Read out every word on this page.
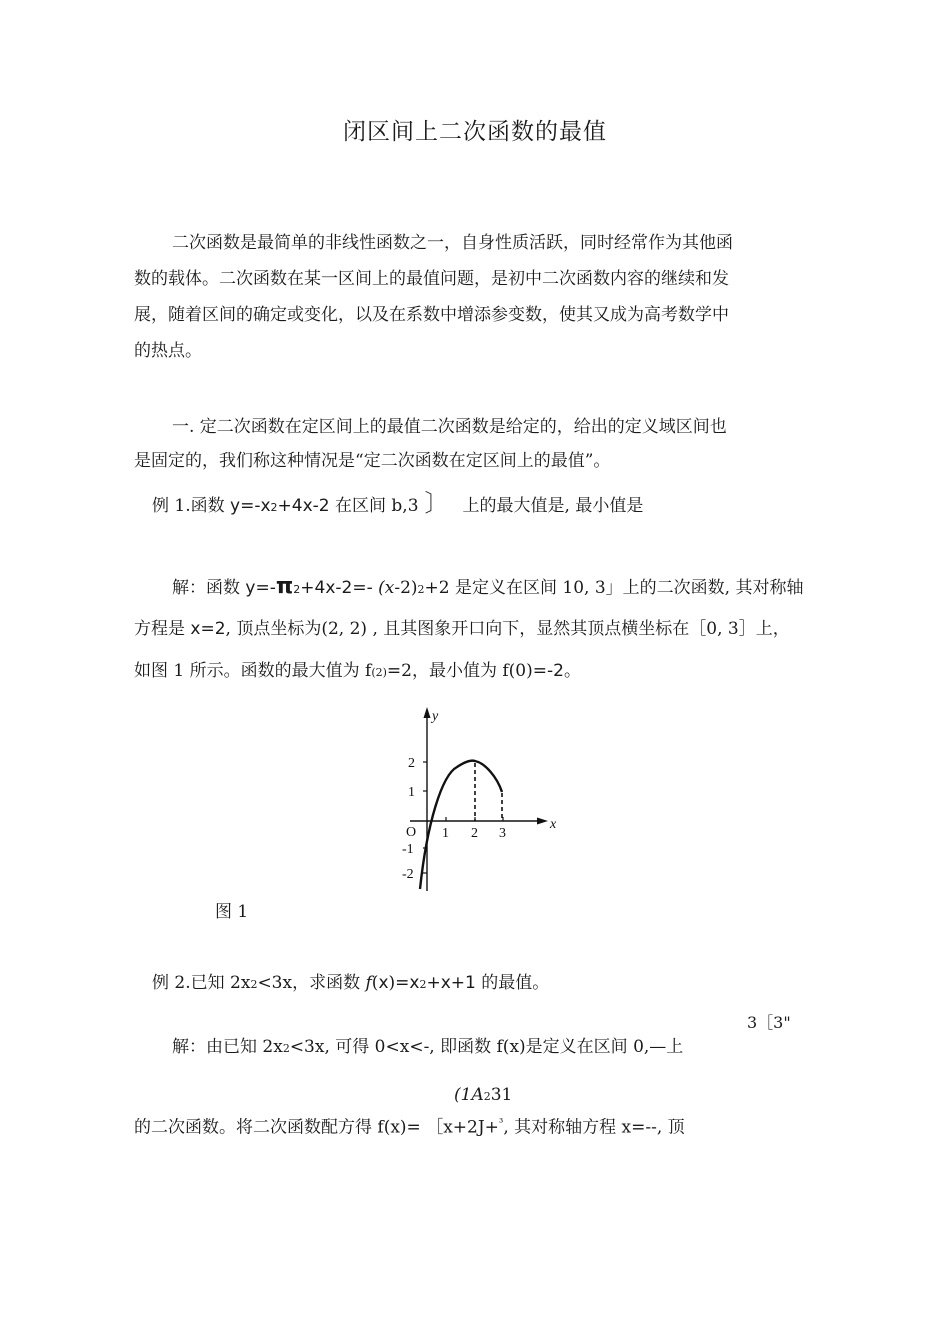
闭区间上二次函数的最值
二次函数是最简单的非线性函数之一，自身性质活跃，同时经常作为其他函
数的载体。二次函数在某一区间上的最值问题，是初中二次函数内容的继续和发
展，随着区间的确定或变化，以及在系数中增添参变数，使其又成为高考数学中
的热点。
一. 定二次函数在定区间上的最值二次函数是给定的，给出的定义域区间也
是固定的，我们称这种情况是“定二次函数在定区间上的最值”。
例 1.函数 y=-x2+4x-2 在区间 b,3 〕 上的最大值是, 最小值是
解：函数 y=-π2+4x-2=- (x-2)2+2 是定义在区间 10, 3」上的二次函数, 其对称轴
方程是 x=2, 顶点坐标为(2, 2) , 且其图象开口向下，显然其顶点横坐标在［0, 3］上，
如图 1 所示。函数的最大值为 f(2)=2，最小值为 f(0)=-2。
y
x
O 1 2 3
2
1
-1
-2
图 1
例 2.已知 2x2<3x，求函数 f(x)=x2+x+1 的最值。
3［3"
解：由已知 2x2<3x, 可得 0<x<-, 即函数 f(x)是定义在区间 0,—上
(1A231
的二次函数。将二次函数配方得 f(x)= ［x+2J+$^{^3}$, 其对称轴方程 x=--, 顶
